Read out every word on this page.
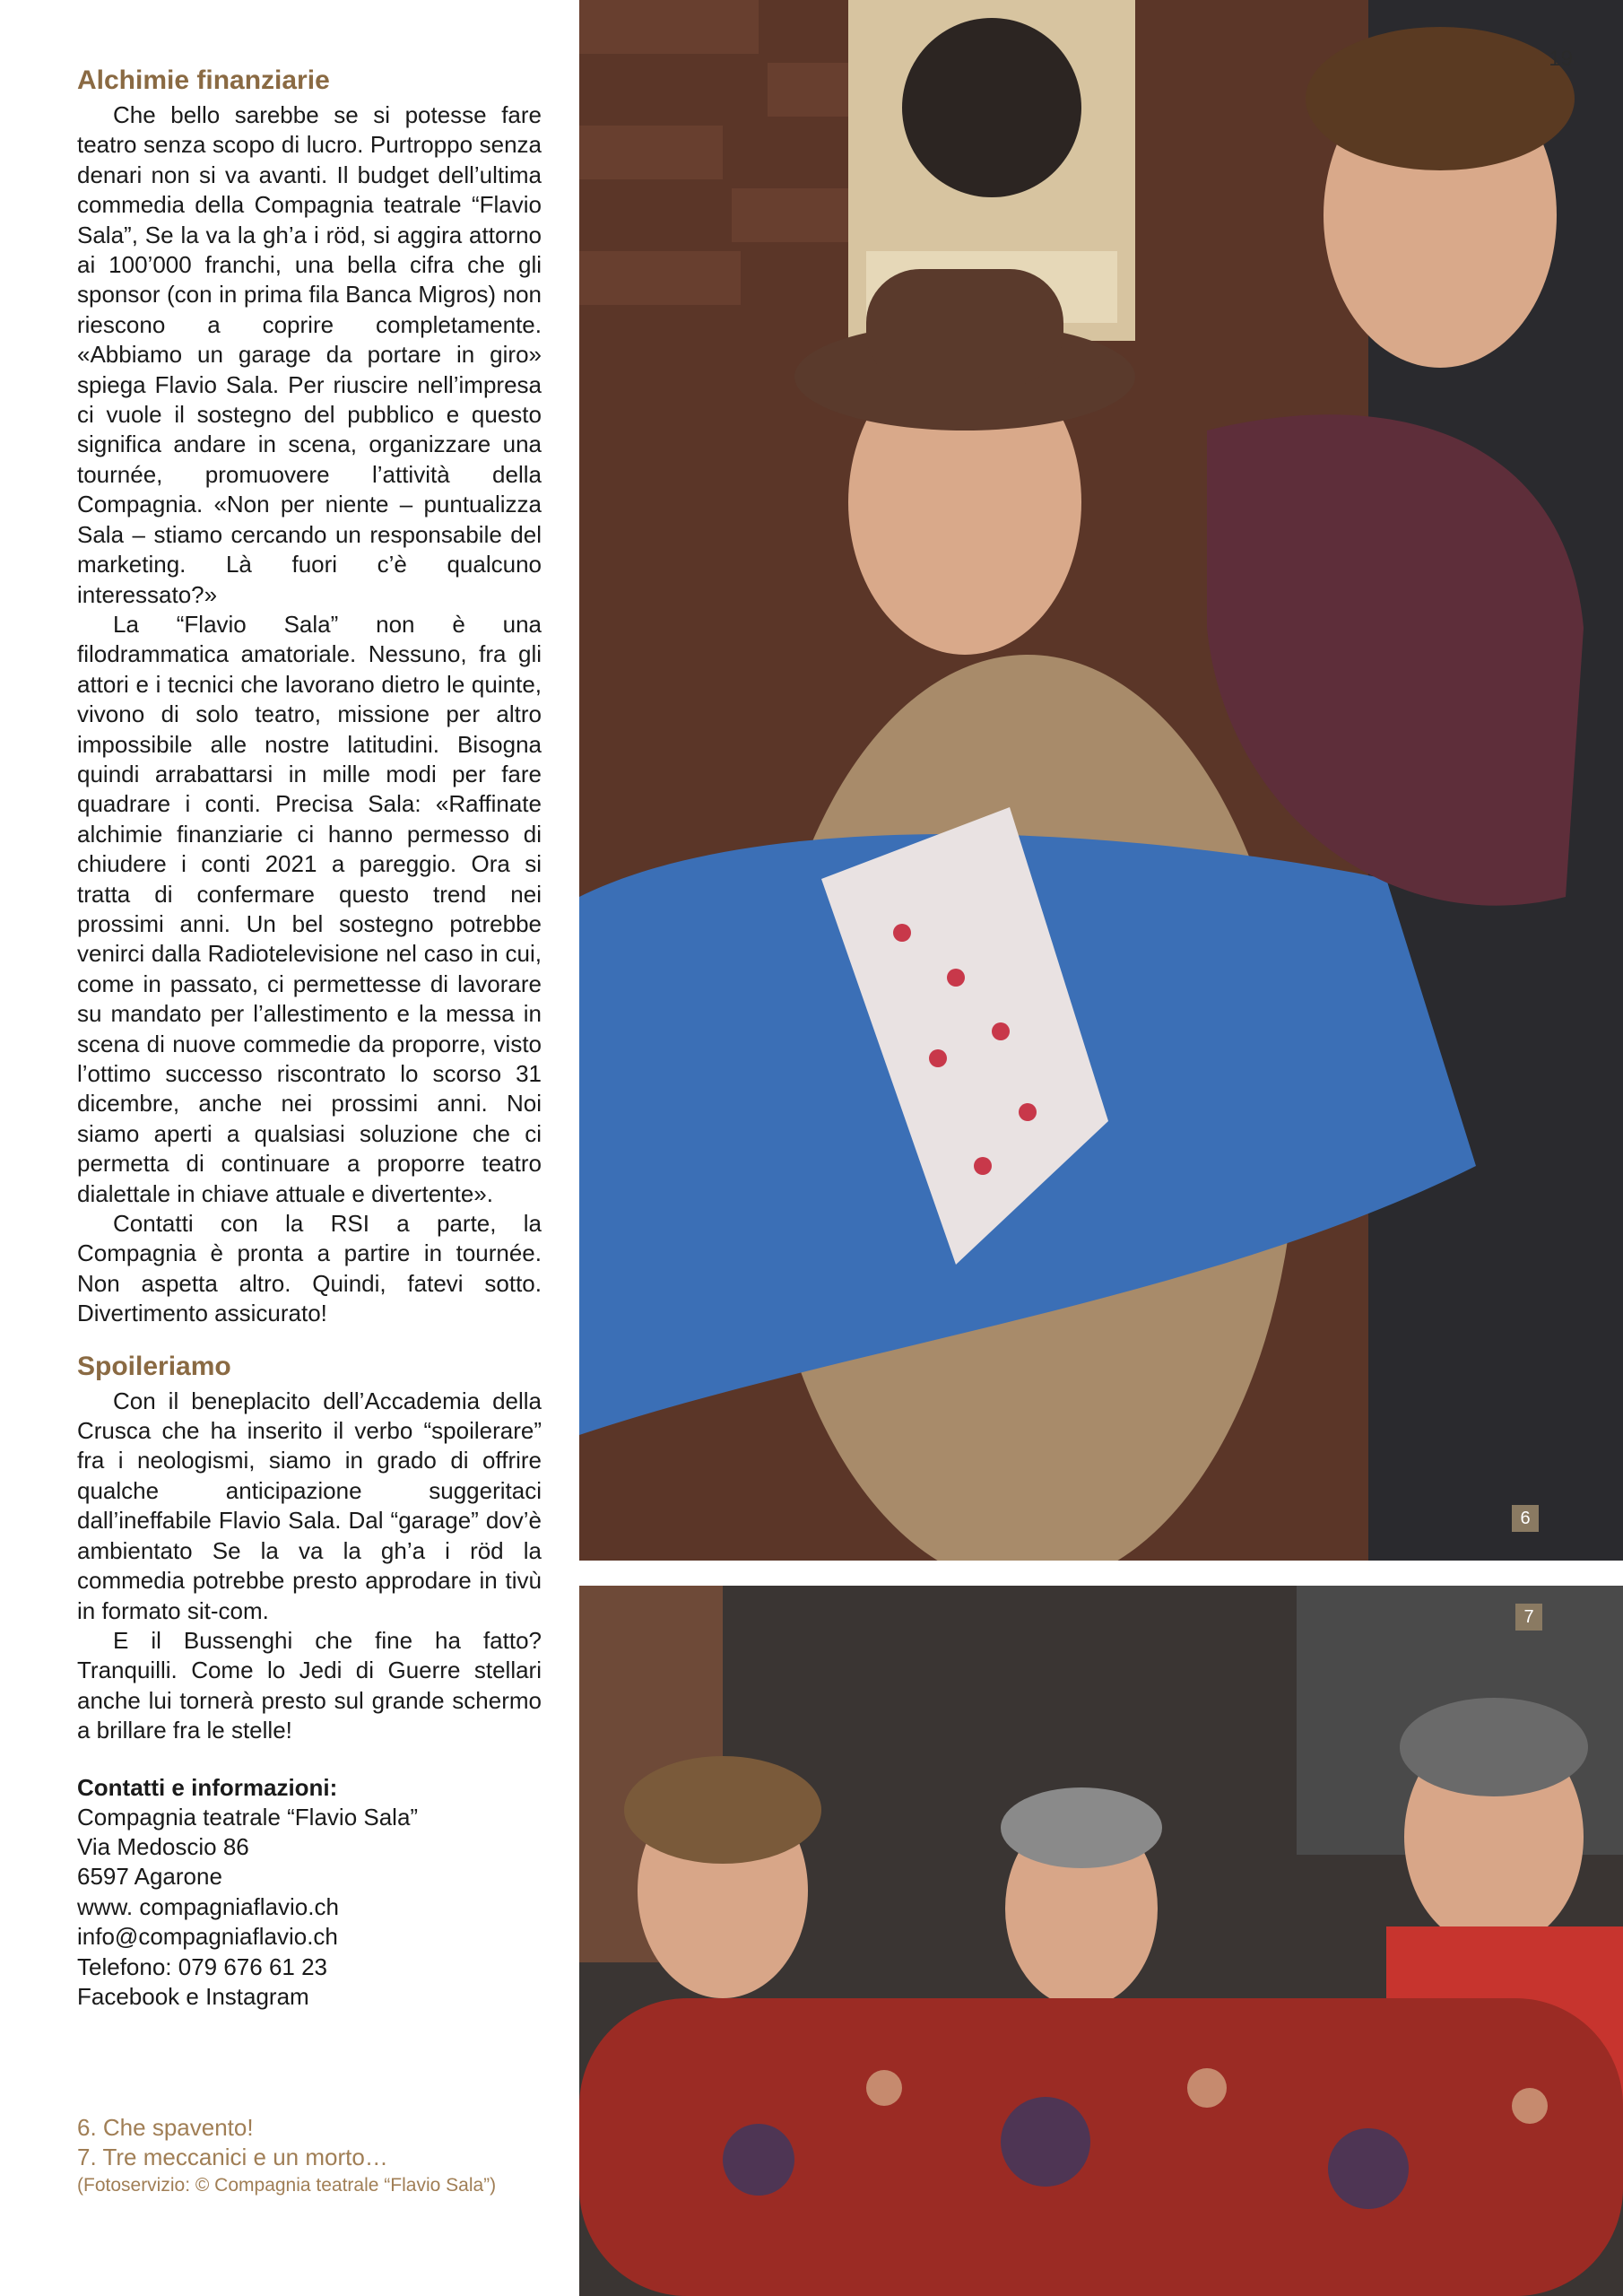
Alchimie finanziarie

Che bello sarebbe se si potesse fare teatro senza scopo di lucro. Purtroppo senza denari non si va avanti. Il budget dell’ultima commedia della Compagnia teatrale “Flavio Sala”, Se la va la gh’a i röd, si aggira attorno ai 100’000 franchi, una bella cifra che gli sponsor (con in prima fila Banca Migros) non riescono a coprire completamente. «Abbiamo un garage da portare in giro» spiega Flavio Sala. Per riuscire nell’impresa ci vuole il sostegno del pubblico e questo significa andare in scena, organizzare una tournée, promuovere l’attività della Compagnia. «Non per niente – puntualizza Sala – stiamo cercando un responsabile del marketing. Là fuori c’è qualcuno interessato?»

La “Flavio Sala” non è una filodrammatica amatoriale. Nessuno, fra gli attori e i tecnici che lavorano dietro le quinte, vivono di solo teatro, missione per altro impossibile alle nostre latitudini. Bisogna quindi arrabattarsi in mille modi per fare quadrare i conti. Precisa Sala: «Raffinate alchimie finanziarie ci hanno permesso di chiudere i conti 2021 a pareggio. Ora si tratta di confermare questo trend nei prossimi anni. Un bel sostegno potrebbe venirci dalla Radiotelevisione nel caso in cui, come in passato, ci permettesse di lavorare su mandato per l’allestimento e la messa in scena di nuove commedie da proporre, visto l’ottimo successo riscontrato lo scorso 31 dicembre, anche nei prossimi anni. Noi siamo aperti a qualsiasi soluzione che ci permetta di continuare a proporre teatro dialettale in chiave attuale e divertente».

Contatti con la RSI a parte, la Compagnia è pronta a partire in tournée. Non aspetta altro. Quindi, fatevi sotto. Divertimento assicurato!

Spoileriamo

Con il beneplacito dell’Accademia della Crusca che ha inserito il verbo “spoilerare” fra i neologismi, siamo in grado di offrire qualche anticipazione suggeritaci dall’ineffabile Flavio Sala. Dal “garage” dov’è ambientato Se la va la gh’a i röd la commedia potrebbe presto approdare in tivù in formato sit-com.

E il Bussenghi che fine ha fatto? Tranquilli. Come lo Jedi di Guerre stellari anche lui tornerà presto sul grande schermo a brillare fra le stelle!

Contatti e informazioni:
Compagnia teatrale “Flavio Sala”
Via Medoscio 86
6597 Agarone
www. compagniaflavio.ch
info@compagniaflavio.ch
Telefono: 079 676 61 23
Facebook e Instagram
6. Che spavento!
7. Tre meccanici e un morto…
(Fotoservizio: © Compagnia teatrale “Flavio Sala”)
19
6
7
